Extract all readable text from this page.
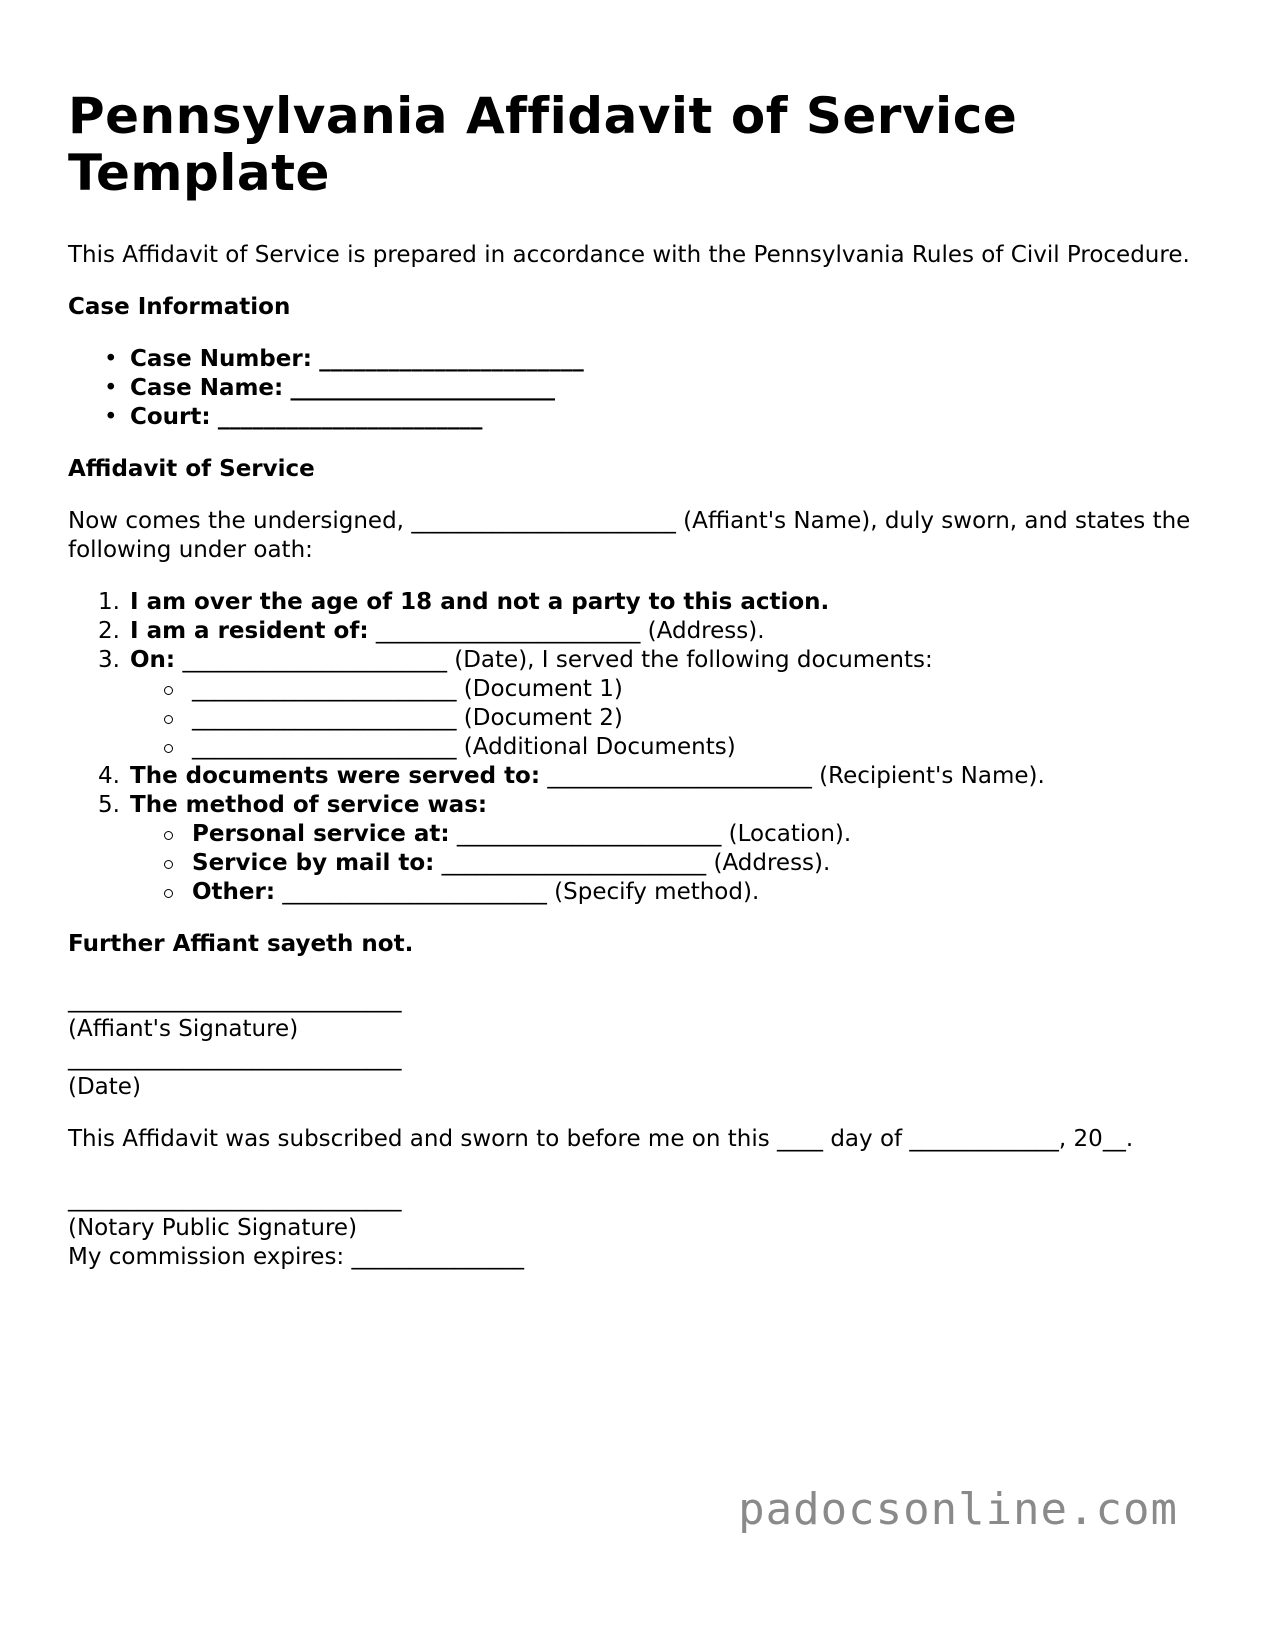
Pennsylvania Affidavit of Service Template

This Affidavit of Service is prepared in accordance with the Pennsylvania Rules of Civil Procedure.

Case Information

• Case Number: _______________________
• Case Name: _______________________
• Court: _______________________

Affidavit of Service

Now comes the undersigned, _______________________ (Affiant's Name), duly sworn, and states the following under oath:

1. I am over the age of 18 and not a party to this action.
2. I am a resident of: _______________________ (Address).
3. On: _______________________ (Date), I served the following documents:
_______________________ (Document 1)
_______________________ (Document 2)
_______________________ (Additional Documents)
4. The documents were served to: _______________________ (Recipient's Name).
5. The method of service was:
Personal service at: _______________________ (Location).
Service by mail to: _______________________ (Address).
Other: _______________________ (Specify method).

Further Affiant sayeth not.

_____________________________
(Affiant's Signature)
_____________________________
(Date)

This Affidavit was subscribed and sworn to before me on this ____ day of _____________, 20__.

_____________________________
(Notary Public Signature)
My commission expires: _______________
padocsonline.com
